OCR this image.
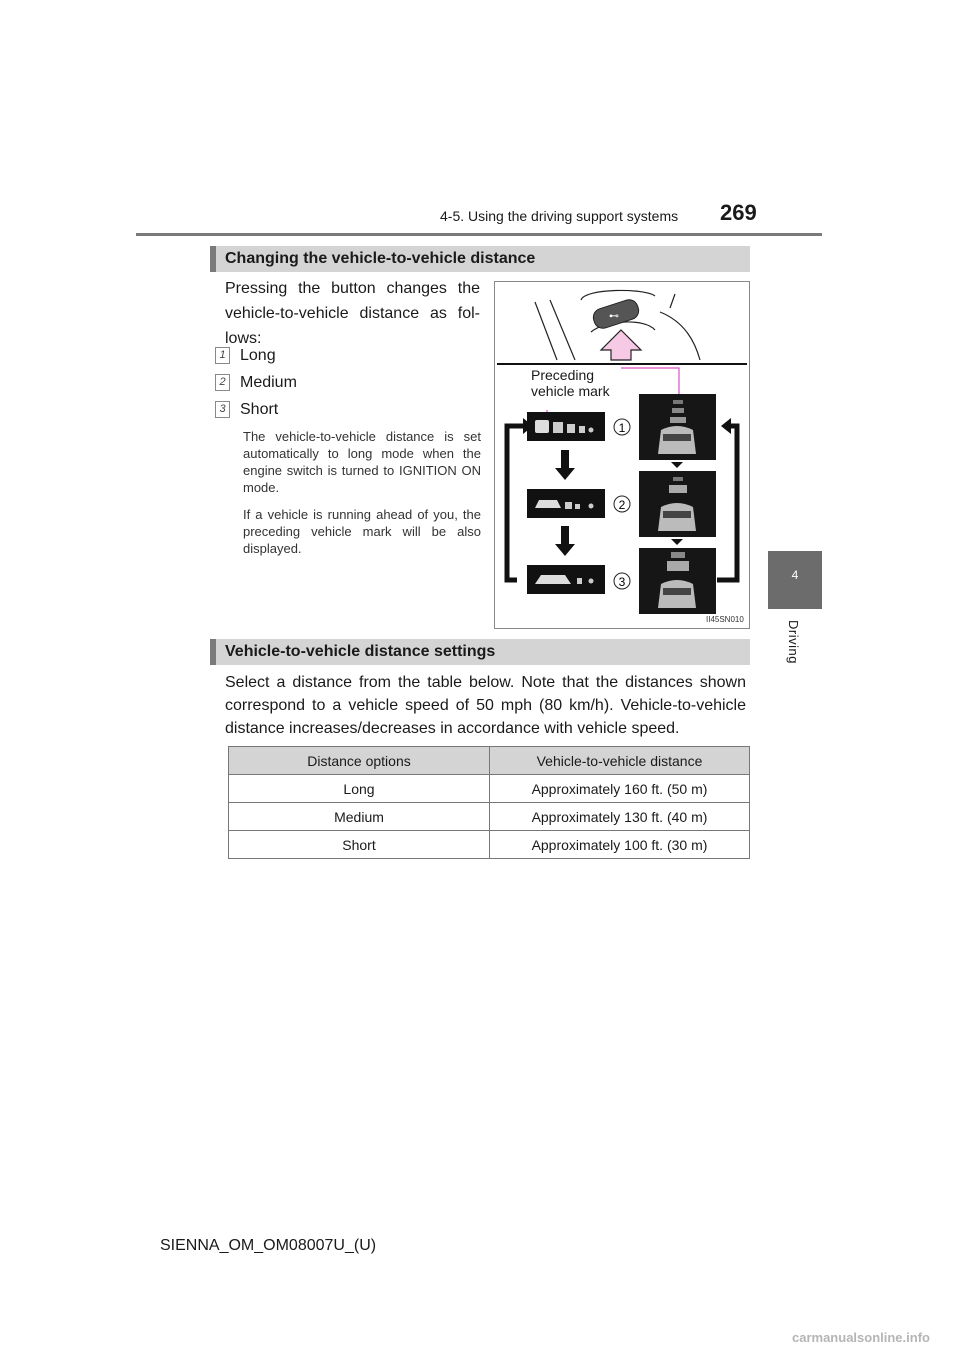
4-5. Using the driving support systems 269
4
Driving
Changing the vehicle-to-vehicle distance
Pressing the button changes the vehicle-to-vehicle distance as fol-lows:
1 Long
2 Medium
3 Short
The vehicle-to-vehicle distance is set automatically to long mode when the engine switch is turned to IGNITION ON mode.
If a vehicle is running ahead of you, the preceding vehicle mark will be also displayed.
⊷
1
2
3
Preceding
vehicle mark
II45SN010
Vehicle-to-vehicle distance settings
Select a distance from the table below. Note that the distances shown correspond to a vehicle speed of 50 mph (80 km/h). Vehicle-to-vehicle distance increases/decreases in accordance with vehicle speed.
Distance options	Vehicle-to-vehicle distance
Long	Approximately 160 ft. (50 m)
Medium	Approximately 130 ft. (40 m)
Short	Approximately 100 ft. (30 m)
SIENNA_OM_OM08007U_(U)
carmanualsonline.info
